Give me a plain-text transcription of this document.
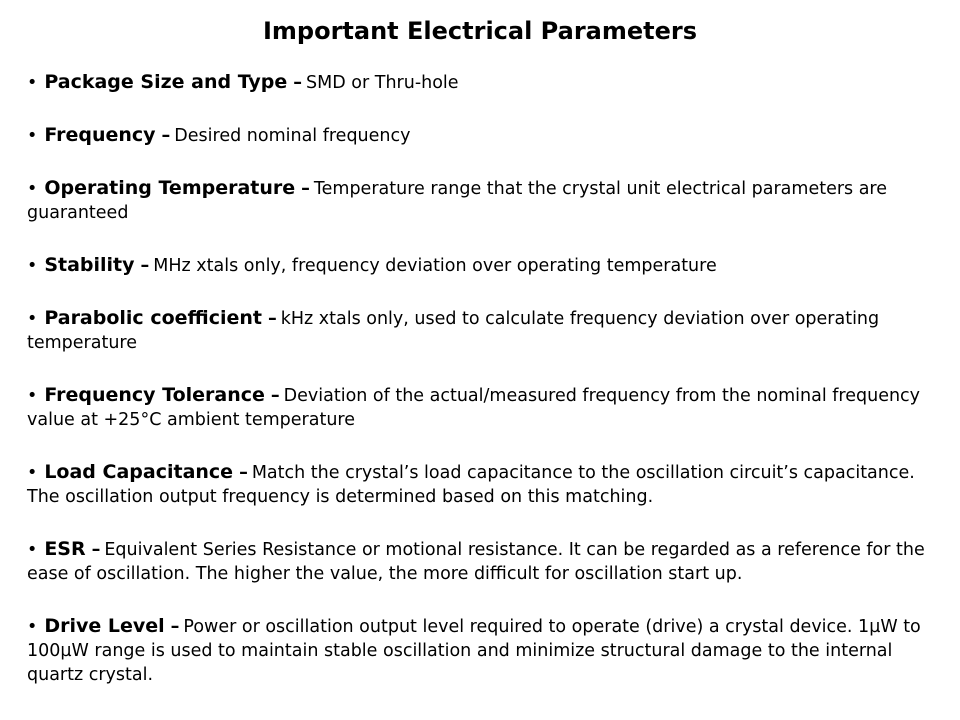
Important Electrical Parameters
• Package Size and Type – SMD or Thru-hole
• Frequency – Desired nominal frequency
• Operating Temperature – Temperature range that the crystal unit electrical parameters are guaranteed
• Stability – MHz xtals only, frequency deviation over operating temperature
• Parabolic coefficient – kHz xtals only, used to calculate frequency deviation over operating temperature
• Frequency Tolerance – Deviation of the actual/measured frequency from the nominal frequency value at +25°C ambient temperature
• Load Capacitance – Match the crystal’s load capacitance to the oscillation circuit’s capacitance. The oscillation output frequency is determined based on this matching.
• ESR – Equivalent Series Resistance or motional resistance. It can be regarded as a reference for the ease of oscillation. The higher the value, the more difficult for oscillation start up.
• Drive Level – Power or oscillation output level required to operate (drive) a crystal device. 1µW to 100µW range is used to maintain stable oscillation and minimize structural damage to the internal quartz crystal.
